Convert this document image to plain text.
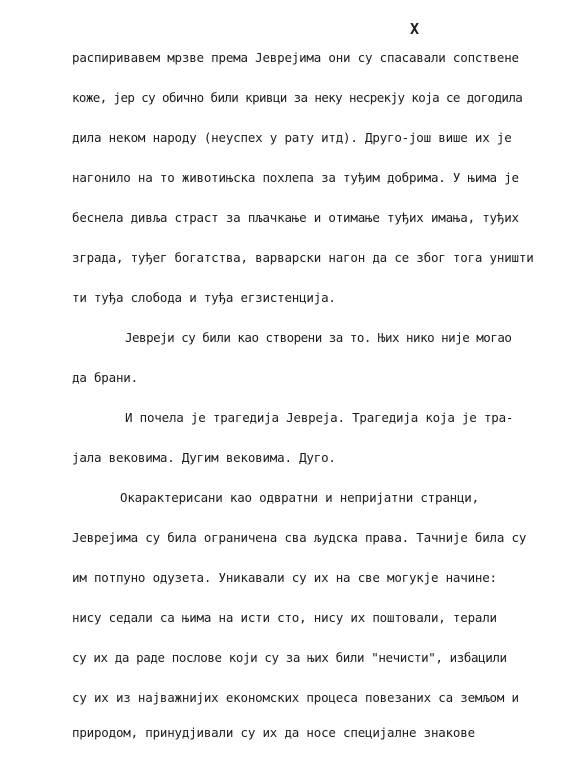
X
распиривавем мрзве према Јеврејима они су спасавали сопствене
коже, јер су обично били кривци за неку несрекју која се догодила
дила неком народу (неуспех у рату итд). Друго-још више их је
нагонило на то животињска похлепа за туђим добрима. У њима је
беснела дивља страст за пљачкање и отимање туђих имања, туђих
зграда, туђег богатства, варварски нагон да се због тога уништи
ти туђа слобода и туђа егзистенција.
Јевреји су били као створени за то. Њих нико није могао
да брани.
И почела је трагедија Јевреја. Трагедија која је тра-
јала вековима. Дугим вековима. Дуго.
Окарактерисани као одвратни и непријатни странци,
Јеврејима су била ограничена сва људска права. Тачније била су
им потпуно одузета. Уникавали су их на све могукје начине:
нису седали са њима на исти сто, нису их поштовали, терали
су их да раде послове који су за њих били "нечисти", избацили
су их из најважнијих економских процеса повезаних са земљом и
природом, принудјивали су их да носе специјалне знакове
